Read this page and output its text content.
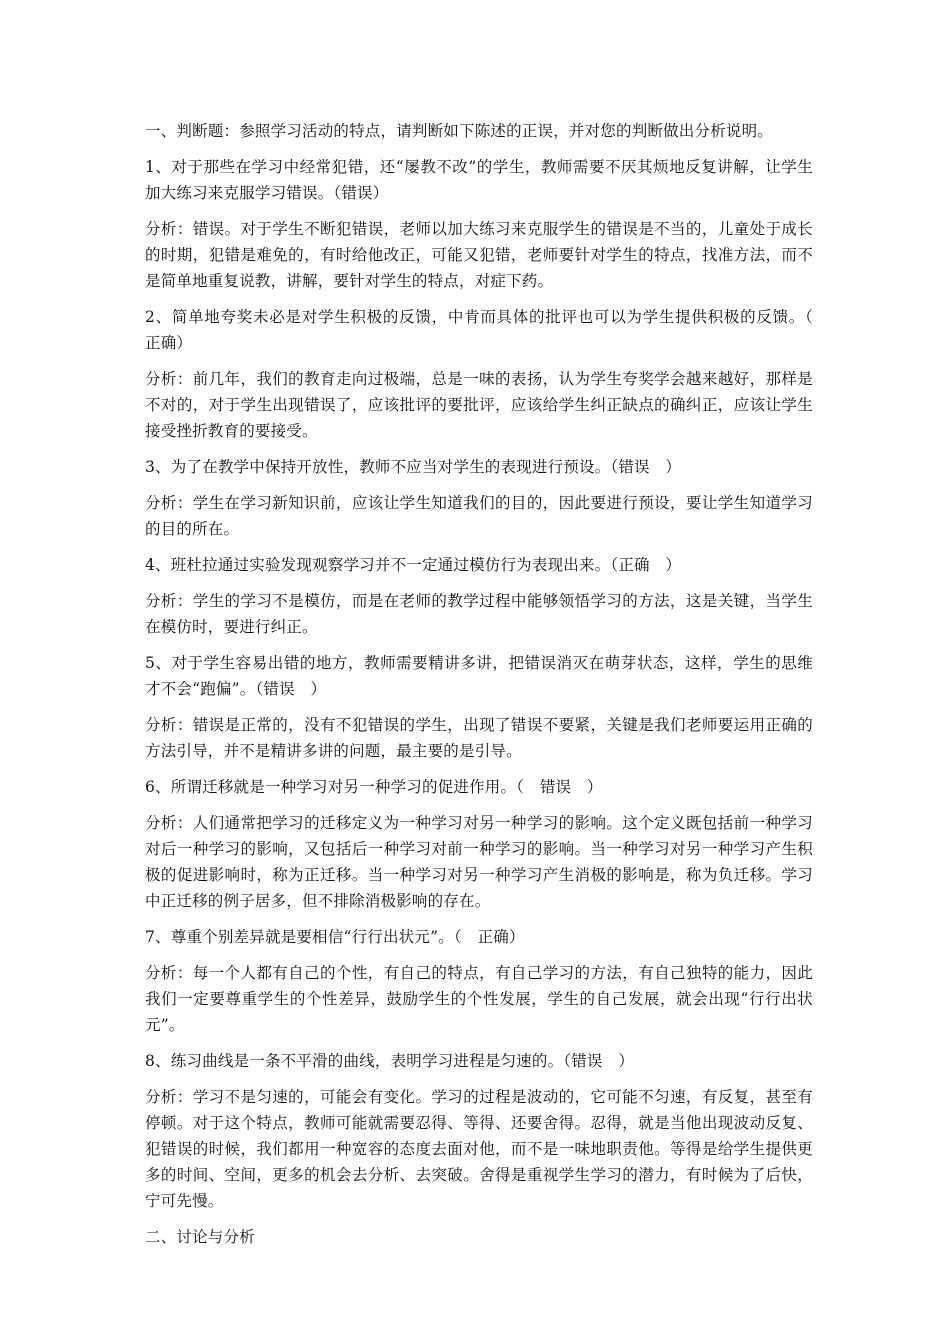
一、判断题：参照学习活动的特点，请判断如下陈述的正误，并对您的判断做出分析说明。

1、对于那些在学习中经常犯错，还“屡教不改”的学生，教师需要不厌其烦地反复讲解，让学生加大练习来克服学习错误。（错误）

分析：错误。对于学生不断犯错误，老师以加大练习来克服学生的错误是不当的，儿童处于成长的时期，犯错是难免的，有时给他改正，可能又犯错，老师要针对学生的特点，找准方法，而不是简单地重复说教，讲解，要针对学生的特点，对症下药。

2、简单地夸奖未必是对学生积极的反馈，中肯而具体的批评也可以为学生提供积极的反馈。（　正确）

分析：前几年，我们的教育走向过极端，总是一味的表扬，认为学生夸奖学会越来越好，那样是不对的，对于学生出现错误了，应该批评的要批评，应该给学生纠正缺点的确纠正，应该让学生接受挫折教育的要接受。

3、为了在教学中保持开放性，教师不应当对学生的表现进行预设。（错误　）

分析：学生在学习新知识前，应该让学生知道我们的目的，因此要进行预设，要让学生知道学习的目的所在。

4、班杜拉通过实验发现观察学习并不一定通过模仿行为表现出来。（正确　）

分析：学生的学习不是模仿，而是在老师的教学过程中能够领悟学习的方法，这是关键，当学生在模仿时，要进行纠正。

5、对于学生容易出错的地方，教师需要精讲多讲，把错误消灭在萌芽状态，这样，学生的思维才不会“跑偏”。（错误　）

分析：错误是正常的，没有不犯错误的学生，出现了错误不要紧，关键是我们老师要运用正确的方法引导，并不是精讲多讲的问题，最主要的是引导。

6、所谓迁移就是一种学习对另一种学习的促进作用。（　错误　）

分析：人们通常把学习的迁移定义为一种学习对另一种学习的影响。这个定义既包括前一种学习对后一种学习的影响，又包括后一种学习对前一种学习的影响。当一种学习对另一种学习产生积极的促进影响时，称为正迁移。当一种学习对另一种学习产生消极的影响是，称为负迁移。学习中正迁移的例子居多，但不排除消极影响的存在。

7、尊重个别差异就是要相信“行行出状元”。（　正确）

分析：每一个人都有自己的个性，有自己的特点，有自己学习的方法，有自己独特的能力，因此我们一定要尊重学生的个性差异，鼓励学生的个性发展，学生的自己发展，就会出现“行行出状元”。

8、练习曲线是一条不平滑的曲线，表明学习进程是匀速的。（错误　）

分析：学习不是匀速的，可能会有变化。学习的过程是波动的，它可能不匀速，有反复，甚至有停顿。对于这个特点，教师可能就需要忍得、等得、还要舍得。忍得，就是当他出现波动反复、犯错误的时候，我们都用一种宽容的态度去面对他，而不是一味地职责他。等得是给学生提供更多的时间、空间，更多的机会去分析、去突破。舍得是重视学生学习的潜力，有时候为了后快，宁可先慢。

二、讨论与分析
